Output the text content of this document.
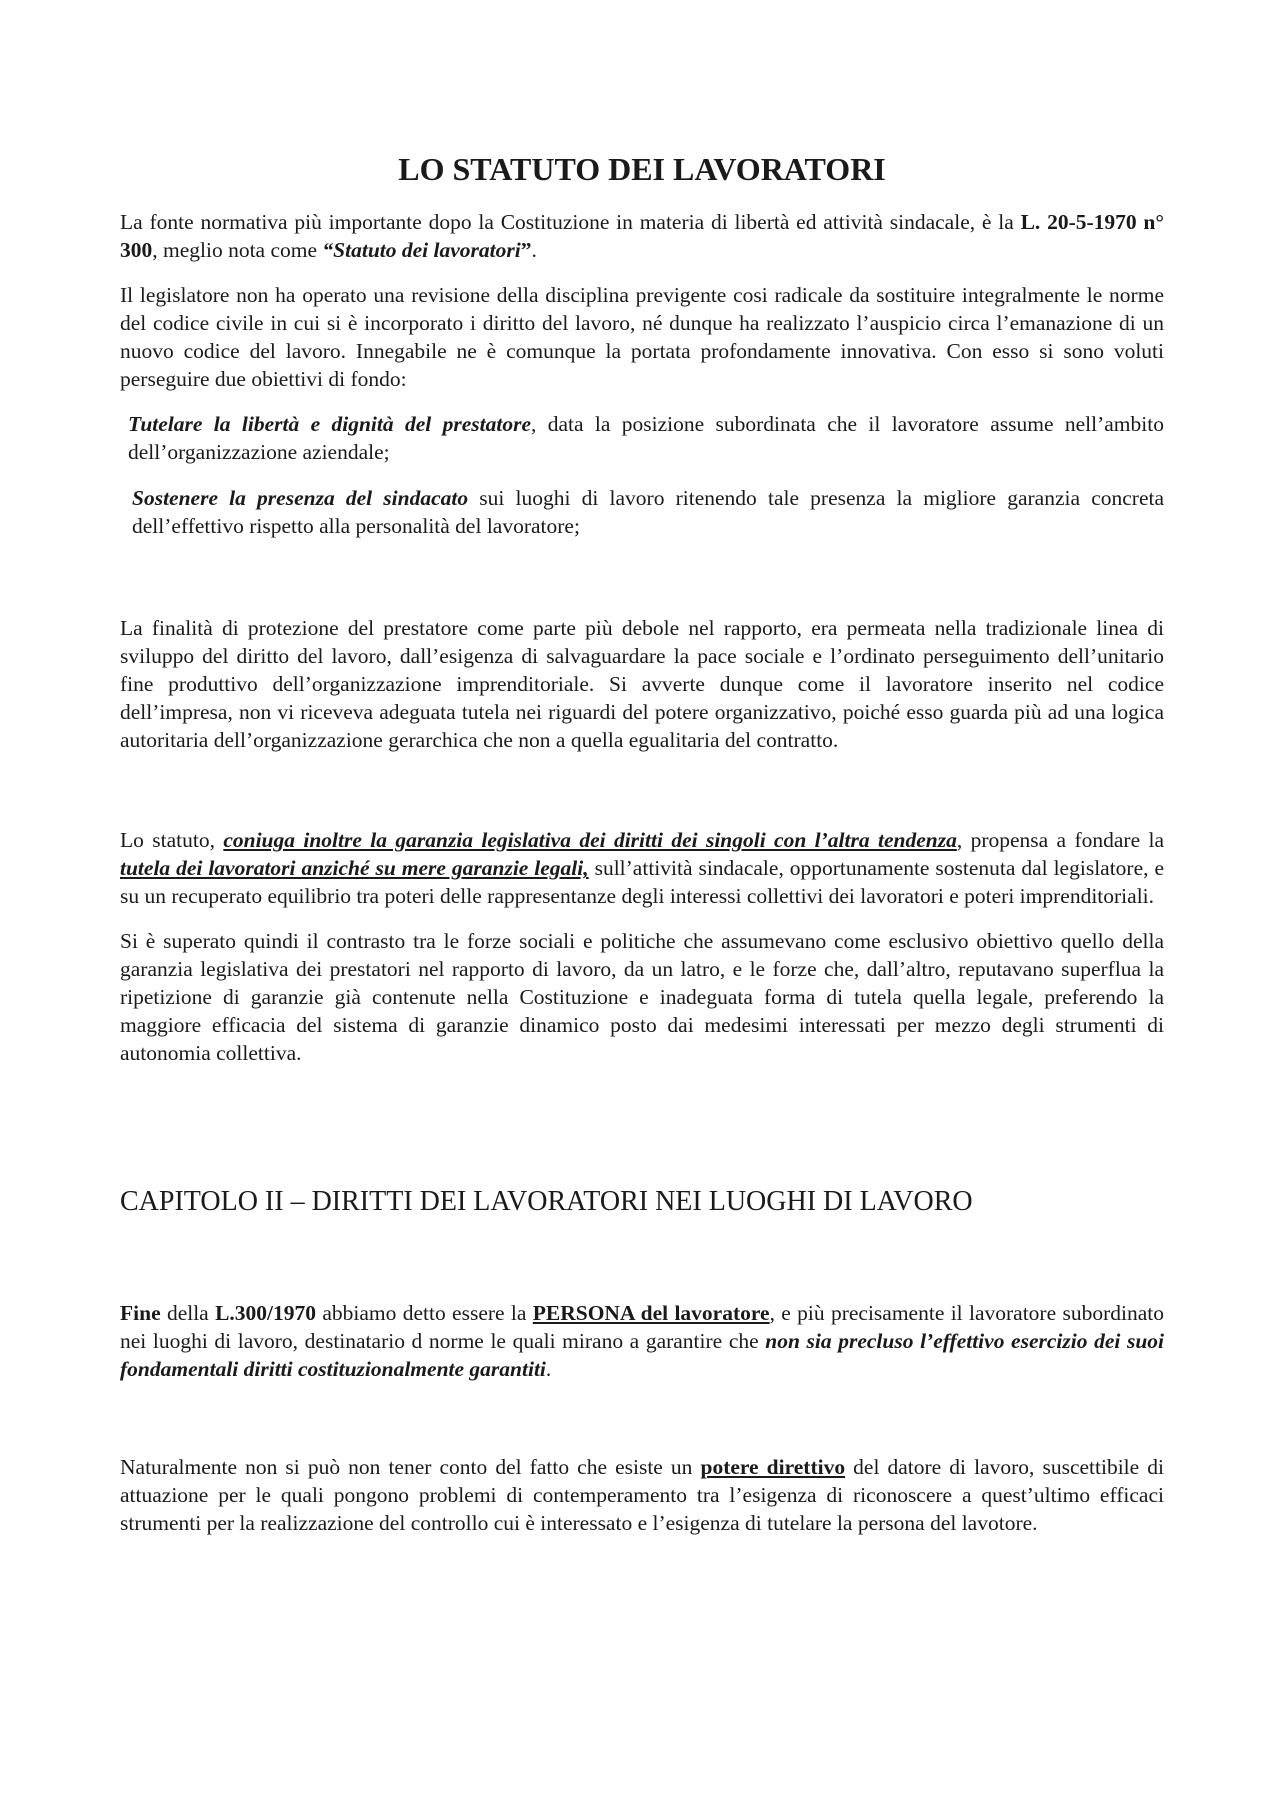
LO STATUTO DEI LAVORATORI

La fonte normativa più importante dopo la Costituzione in materia di libertà ed attività sindacale, è la L. 20-5-1970 n° 300, meglio nota come “Statuto dei lavoratori”.

Il legislatore non ha operato una revisione della disciplina previgente cosi radicale da sostituire integralmente le norme del codice civile in cui si è incorporato i diritto del lavoro, né dunque ha realizzato l’auspicio circa l’emanazione di un nuovo codice del lavoro. Innegabile ne è comunque la portata profondamente innovativa. Con esso si sono voluti perseguire due obiettivi di fondo:

Tutelare la libertà e dignità del prestatore, data la posizione subordinata che il lavoratore assume nell’ambito dell’organizzazione aziendale;

Sostenere la presenza del sindacato sui luoghi di lavoro ritenendo tale presenza la migliore garanzia concreta dell’effettivo rispetto alla personalità del lavoratore;

La finalità di protezione del prestatore come parte più debole nel rapporto, era permeata nella tradizionale linea di sviluppo del diritto del lavoro, dall’esigenza di salvaguardare la pace sociale e l’ordinato perseguimento dell’unitario fine produttivo dell’organizzazione imprenditoriale. Si avverte dunque come il lavoratore inserito nel codice dell’impresa, non vi riceveva adeguata tutela nei riguardi del potere organizzativo, poiché esso guarda più ad una logica autoritaria dell’organizzazione gerarchica che non a quella egualitaria del contratto.

Lo statuto, coniuga inoltre la garanzia legislativa dei diritti dei singoli con l’altra tendenza, propensa a fondare la tutela dei lavoratori anziché su mere garanzie legali, sull’attività sindacale, opportunamente sostenuta dal legislatore, e su un recuperato equilibrio tra poteri delle rappresentanze degli interessi collettivi dei lavoratori e poteri imprenditoriali.

Si è superato quindi il contrasto tra le forze sociali e politiche che assumevano come esclusivo obiettivo quello della garanzia legislativa dei prestatori nel rapporto di lavoro, da un latro, e le forze che, dall’altro, reputavano superflua la ripetizione di garanzie già contenute nella Costituzione e inadeguata forma di tutela quella legale, preferendo la maggiore efficacia del sistema di garanzie dinamico posto dai medesimi interessati per mezzo degli strumenti di autonomia collettiva.

CAPITOLO II – DIRITTI DEI LAVORATORI NEI LUOGHI DI LAVORO

Fine della L.300/1970 abbiamo detto essere la PERSONA del lavoratore, e più precisamente il lavoratore subordinato nei luoghi di lavoro, destinatario d norme le quali mirano a garantire che non sia precluso l’effettivo esercizio dei suoi fondamentali diritti costituzionalmente garantiti.

Naturalmente non si può non tener conto del fatto che esiste un potere direttivo del datore di lavoro, suscettibile di attuazione per le quali pongono problemi di contemperamento tra l’esigenza di riconoscere a quest’ultimo efficaci strumenti per la realizzazione del controllo cui è interessato e l’esigenza di tutelare la persona del lavotore.
